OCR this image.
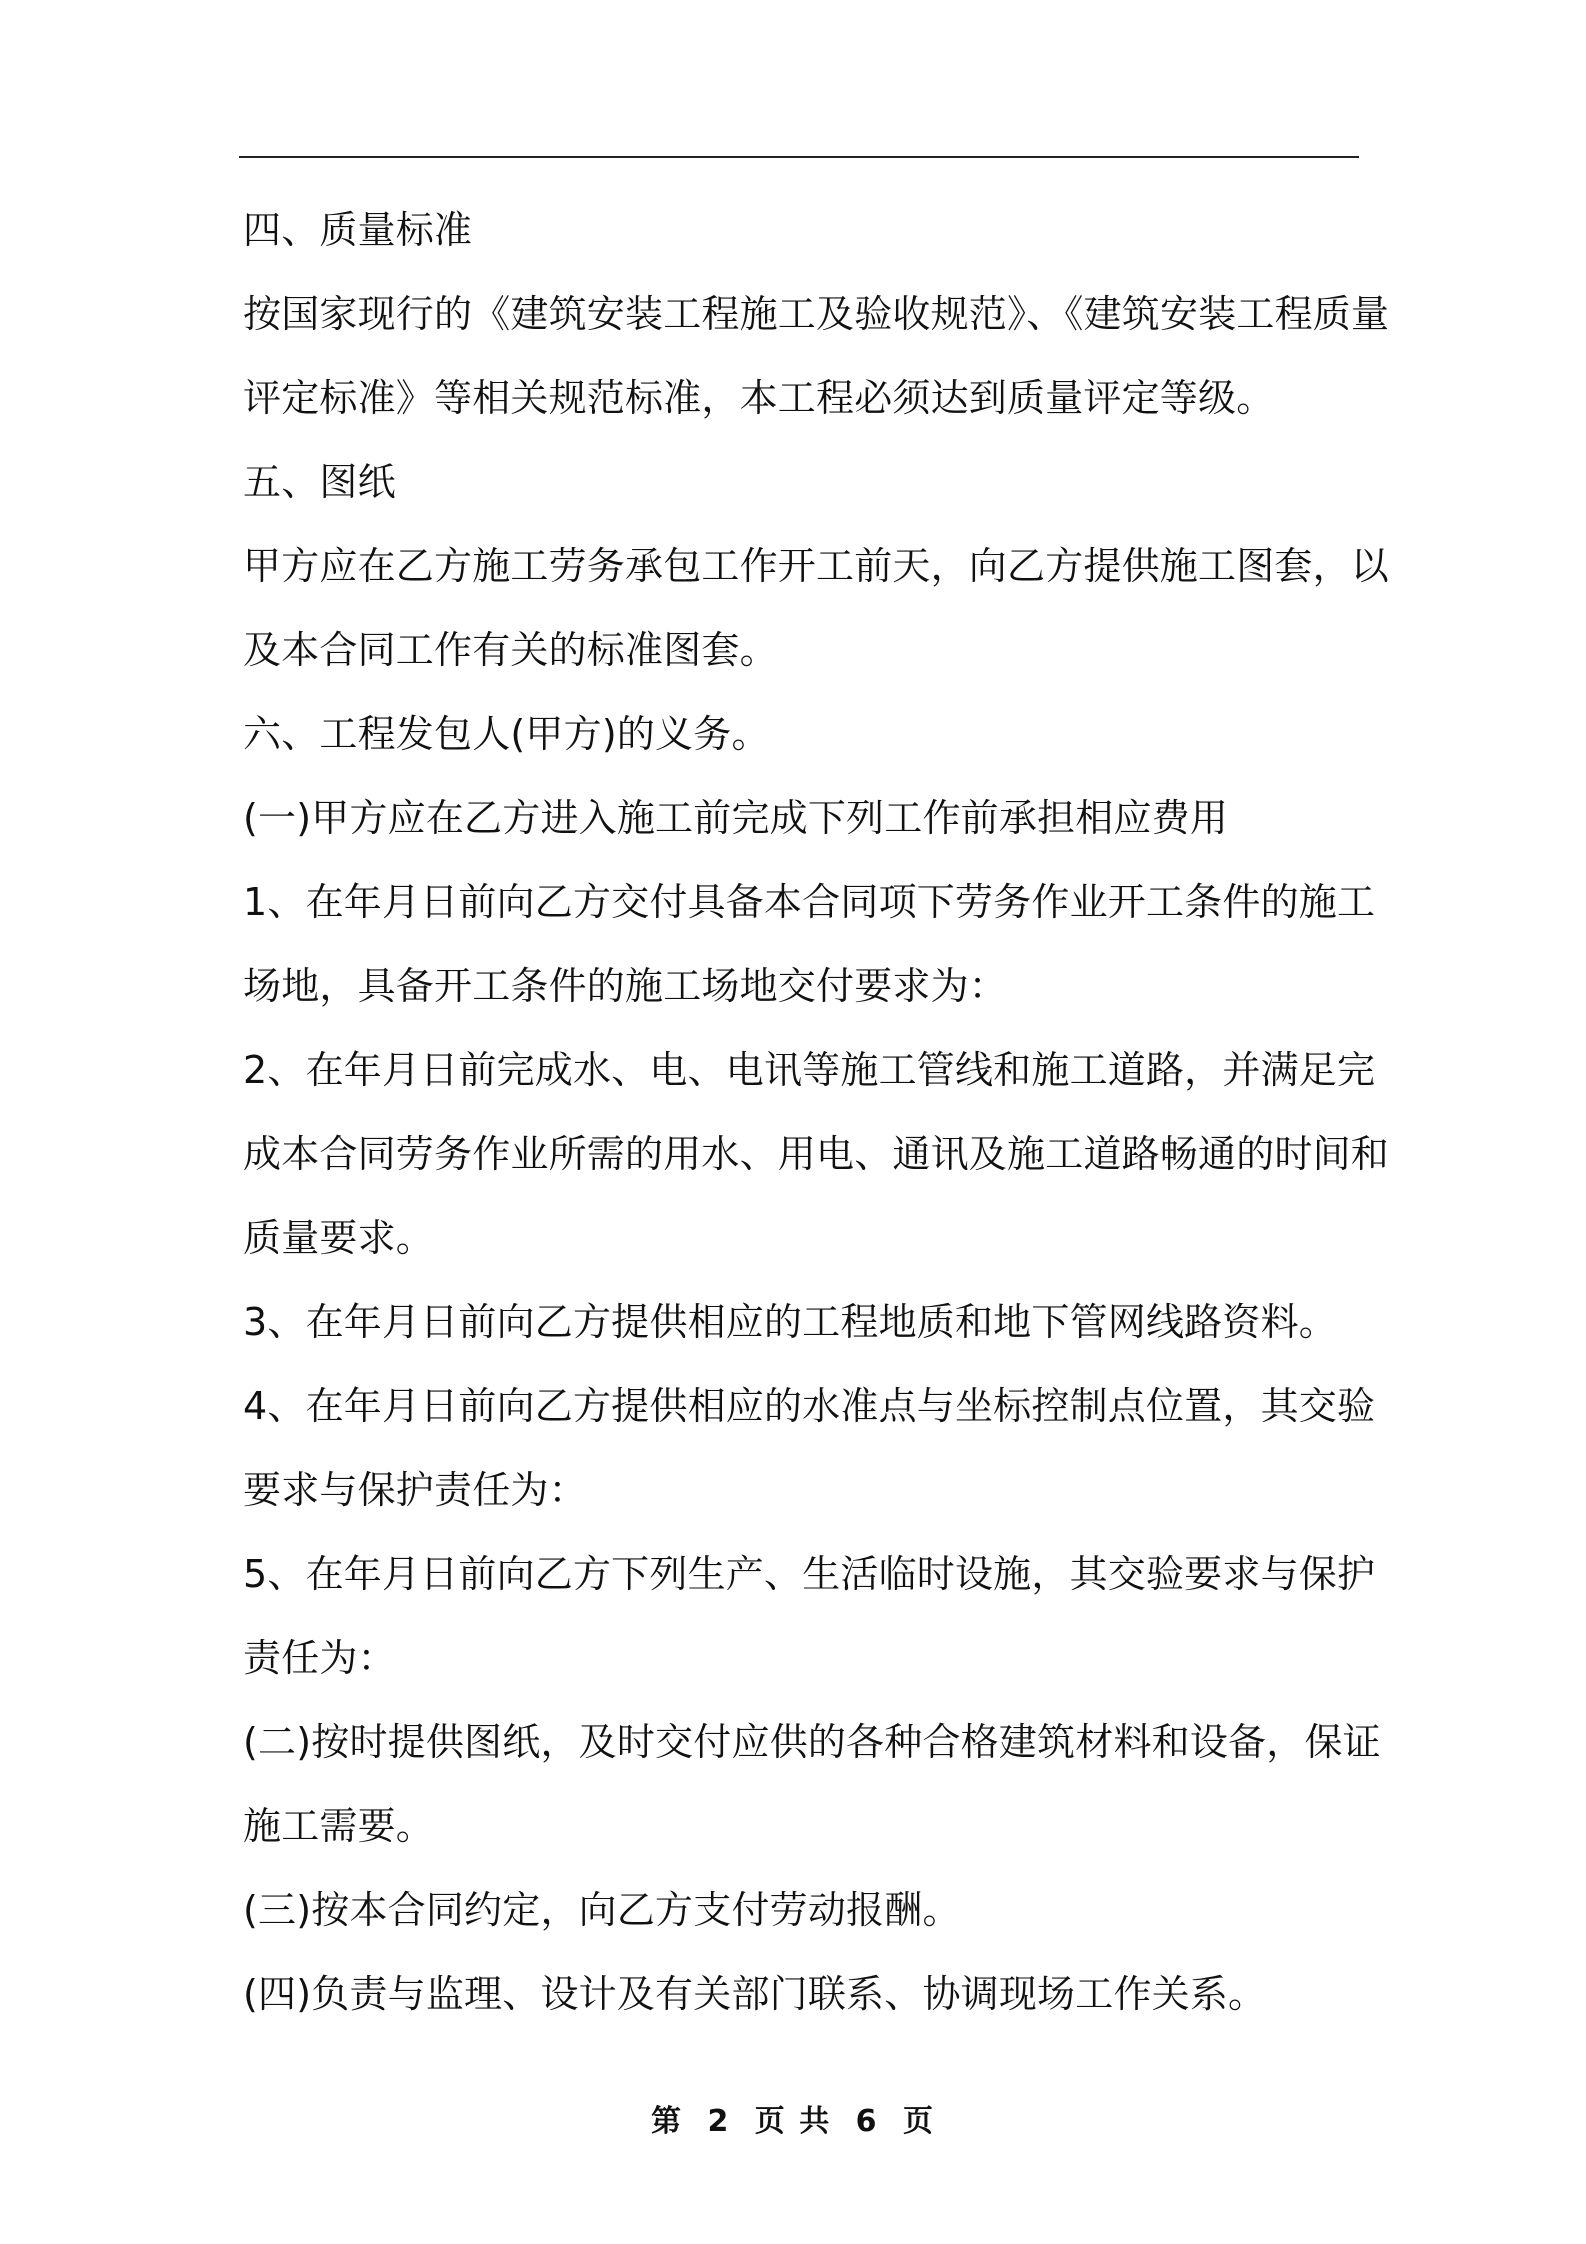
四、质量标准
按国家现行的《建筑安装工程施工及验收规范》、《建筑安装工程质量
评定标准》等相关规范标准，本工程必须达到质量评定等级。
五、图纸
甲方应在乙方施工劳务承包工作开工前天，向乙方提供施工图套，以
及本合同工作有关的标准图套。
六、工程发包人(甲方)的义务。
(一)甲方应在乙方进入施工前完成下列工作前承担相应费用
1、在年月日前向乙方交付具备本合同项下劳务作业开工条件的施工
场地，具备开工条件的施工场地交付要求为：
2、在年月日前完成水、电、电讯等施工管线和施工道路，并满足完
成本合同劳务作业所需的用水、用电、通讯及施工道路畅通的时间和
质量要求。
3、在年月日前向乙方提供相应的工程地质和地下管网线路资料。
4、在年月日前向乙方提供相应的水准点与坐标控制点位置，其交验
要求与保护责任为：
5、在年月日前向乙方下列生产、生活临时设施，其交验要求与保护
责任为：
(二)按时提供图纸，及时交付应供的各种合格建筑材料和设备，保证
施工需要。
(三)按本合同约定，向乙方支付劳动报酬。
(四)负责与监理、设计及有关部门联系、协调现场工作关系。
第 2 页 共 6 页
